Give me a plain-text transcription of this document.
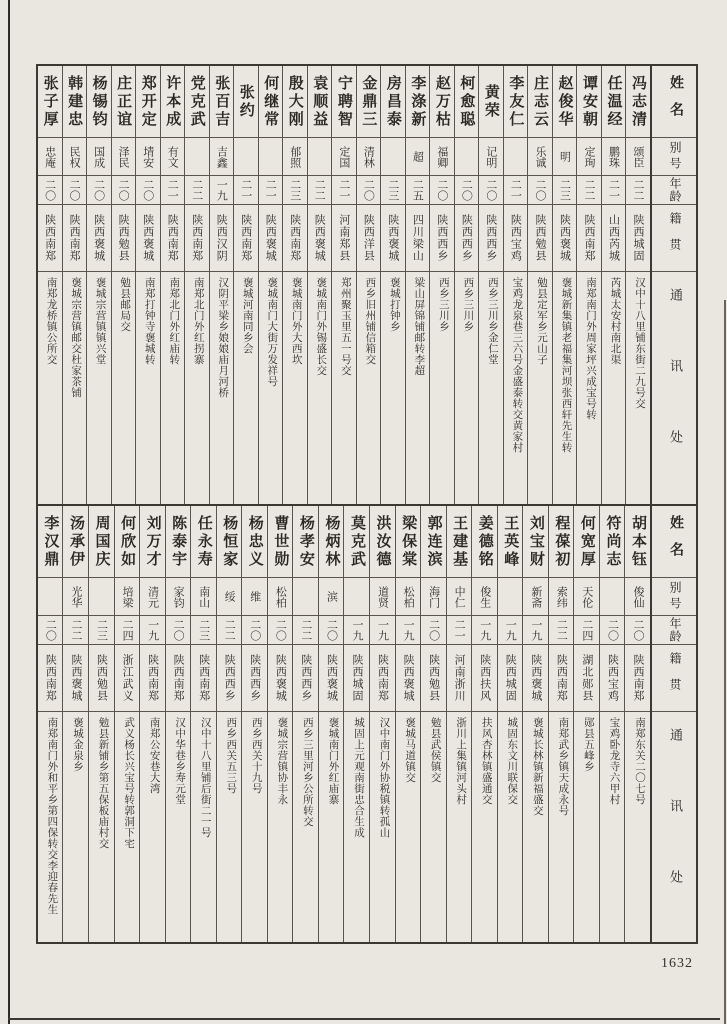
姓名
别号
年龄
籍贯
通讯处
冯志清
颂臣
二二
陕西城固
汉中十八里铺东街二九号交
任温经
鹏珠
二一
山西芮城
芮城太安村南北渠
谭安朝
定珣
二二
陕西南郑
南郑南门外周家坪兴成宝号转
赵俊华
明
二三
陕西褒城
褒城新集镇老福集河坝张西轩先生转
庄志云
乐诚
二〇
陕西勉县
勉县定军乡元山子
李友仁
二一
陕西宝鸡
宝鸡龙泉巷三六号金盛泰转交黄家村
黄荣
记明
二〇
陕西西乡
西乡三川乡金仁堂
柯愈聪
二〇
陕西西乡
西乡三川乡
赵万枯
福卿
二〇
陕西西乡
西乡三川乡
李涤新
超
二五
四川梁山
梁山屏锦铺邮转李超
房昌泰
二三
陕西褒城
褒城打钟乡
金鼎三
清林
二〇
陕西洋县
西乡旧州铺信箱交
宁聘智
定国
二一
河南郑县
郑州聚玉里五一号交
袁顺益
二二
陕西褒城
褒城南门外锡盛长交
殷大刚
郁照
二三
陕西南郑
褒城南门外大西坎
何继常
二一
陕西褒城
褒城南门大街万发祥号
张约
二一
陕西南郑
褒城河南同乡会
张百吉
吉鑫
一九
陕西汉阴
汉阴平梁乡娘娘庙月河桥
党克武
二二
陕西南郑
南郑北门外红拐寨
许本成
有文
二一
陕西南郑
南郑北门外红庙转
郑开定
埥安
二〇
陕西褒城
南郑打钟寺褒城转
庄正谊
泽民
二〇
陕西勉县
勉县邮局交
杨锡钧
国成
二〇
陕西褒城
褒城宗营镇镇兴堂
韩建忠
民权
二〇
陕西南郑
褒城宗营镇邮交杜家茶铺
张子厚
忠庵
二〇
陕西南郑
南郑龙桥镇公所交
姓名
别号
年龄
籍贯
通讯处
胡本钰
俊仙
二〇
陕西南郑
南郑东关二〇七号
符尚志
二〇
陕西宝鸡
宝鸡卧龙寺六甲村
何宽厚
天伦
二四
湖北郧县
郧县五峰乡
程葆初
索纬
二二
陕西南郑
南郑武乡镇天成永号
刘宝财
新斋
一九
陕西褒城
褒城长林镇新福盛交
王英峰
一九
陕西城固
城固东文川联保交
姜德铭
俊生
一九
陕西扶风
扶风杏林镇盛通交
王建基
中仁
二一
河南浙川
浙川上集镇河头村
郭连滨
海门
二〇
陕西勉县
勉县武侯镇交
梁保棠
松柏
一九
陕西褒城
褒城马道镇交
洪汝德
道贤
一九
陕西南郑
汉中南门外协税镇转孤山
莫克武
一九
陕西城固
城固上元观南街忠合生成
杨炳林
滨
二〇
陕西褒城
褒城南门外红庙寨
杨孝安
二二
陕西西乡
西乡三里河乡公所转交
曹世勋
松柏
二〇
陕西褒城
褒城宗营镇协丰永
杨忠义
维
二〇
陕西西乡
西乡西关十九号
杨恒家
绥
二二
陕西西乡
西乡西关五三号
任永寿
南山
二三
陕西南郑
汉中十八里铺后街二一号
陈泰宇
家钧
二〇
陕西南郑
汉中华巷乡寿元堂
刘万才
清元
一九
陕西南郑
南郑公安巷大湾
何欣如
培梁
二四
浙江武义
武义杨长兴宝号转郭洞下宅
周国庆
二三
陕西勉县
勉县新铺乡第五保板庙村交
汤承伊
光华
二二
陕西褒城
褒城金泉乡
李汉鼎
二〇
陕西南郑
南郑南门外和平乡第四保转交李迎春先生
1632
